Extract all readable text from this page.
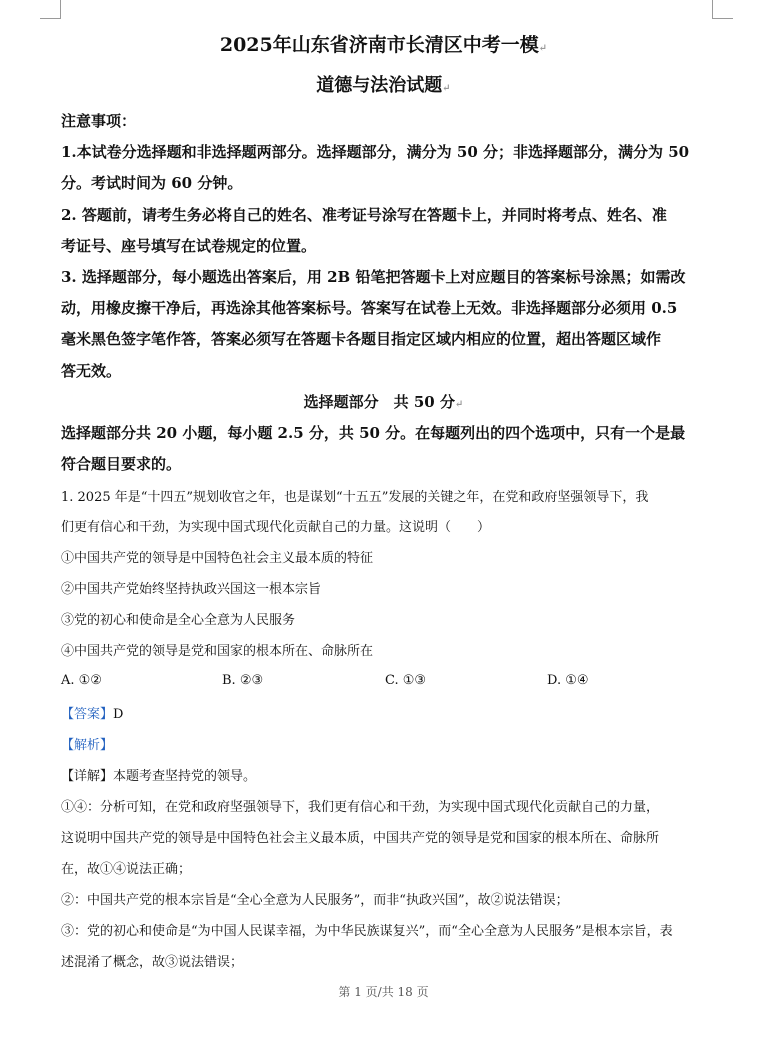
2025年山东省济南市长清区中考一模↵
道德与法治试题↵
注意事项：
1.本试卷分选择题和非选择题两部分。选择题部分，满分为 50 分；非选择题部分，满分为 50
分。考试时间为 60 分钟。
2. 答题前，请考生务必将自己的姓名、准考证号涂写在答题卡上，并同时将考点、姓名、准
考证号、座号填写在试卷规定的位置。
3. 选择题部分，每小题选出答案后，用 2B 铅笔把答题卡上对应题目的答案标号涂黑；如需改
动，用橡皮擦干净后，再选涂其他答案标号。答案写在试卷上无效。非选择题部分必须用 0.5
毫米黑色签字笔作答，答案必须写在答题卡各题目指定区域内相应的位置，超出答题区域作
答无效。
选择题部分　共 50 分↵
选择题部分共 20 小题，每小题 2.5 分，共 50 分。在每题列出的四个选项中，只有一个是最
符合题目要求的。
1. 2025 年是“十四五”规划收官之年，也是谋划“十五五”发展的关键之年，在党和政府坚强领导下，我
们更有信心和干劲，为实现中国式现代化贡献自己的力量。这说明（　　）
①中国共产党的领导是中国特色社会主义最本质的特征
②中国共产党始终坚持执政兴国这一根本宗旨
③党的初心和使命是全心全意为人民服务
④中国共产党的领导是党和国家的根本所在、命脉所在
A. ①②	B. ②③	C. ①③	D. ①④
【答案】D
【解析】
【详解】本题考查坚持党的领导。
①④：分析可知，在党和政府坚强领导下，我们更有信心和干劲，为实现中国式现代化贡献自己的力量，
这说明中国共产党的领导是中国特色社会主义最本质，中国共产党的领导是党和国家的根本所在、命脉所
在，故①④说法正确；
②：中国共产党的根本宗旨是“全心全意为人民服务”，而非“执政兴国”，故②说法错误；
③：党的初心和使命是“为中国人民谋幸福，为中华民族谋复兴”，而“全心全意为人民服务”是根本宗旨，表
述混淆了概念，故③说法错误；
第 1 页/共 18 页
